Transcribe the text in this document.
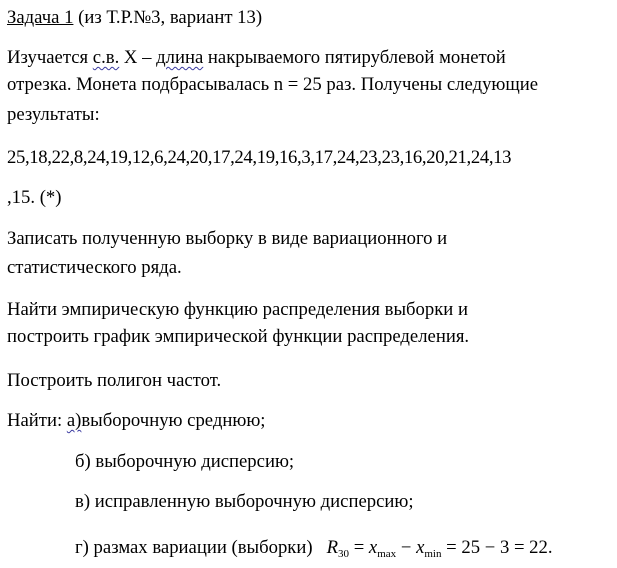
Задача 1 (из Т.Р.№3, вариант 13)

Изучается с.в. X – длина накрываемого пятирублевой монетой

отрезка. Монета подбрасывалась n = 25 раз. Получены следующие

результаты:

25,18,22,8,24,19,12,6,24,20,17,24,19,16,3,17,24,23,23,16,20,21,24,13

,15. (*)

Записать полученную выборку в виде вариационного и

статистического ряда.

Найти эмпирическую функцию распределения выборки и

построить график эмпирической функции распределения.

Построить полигон частот.

Найти: а)выборочную среднюю;

б) выборочную дисперсию;

в) исправленную выборочную дисперсию;

г) размах вариации (выборки) $R_{30} = x_{max} - x_{min} = 25 - 3 = 22$.
